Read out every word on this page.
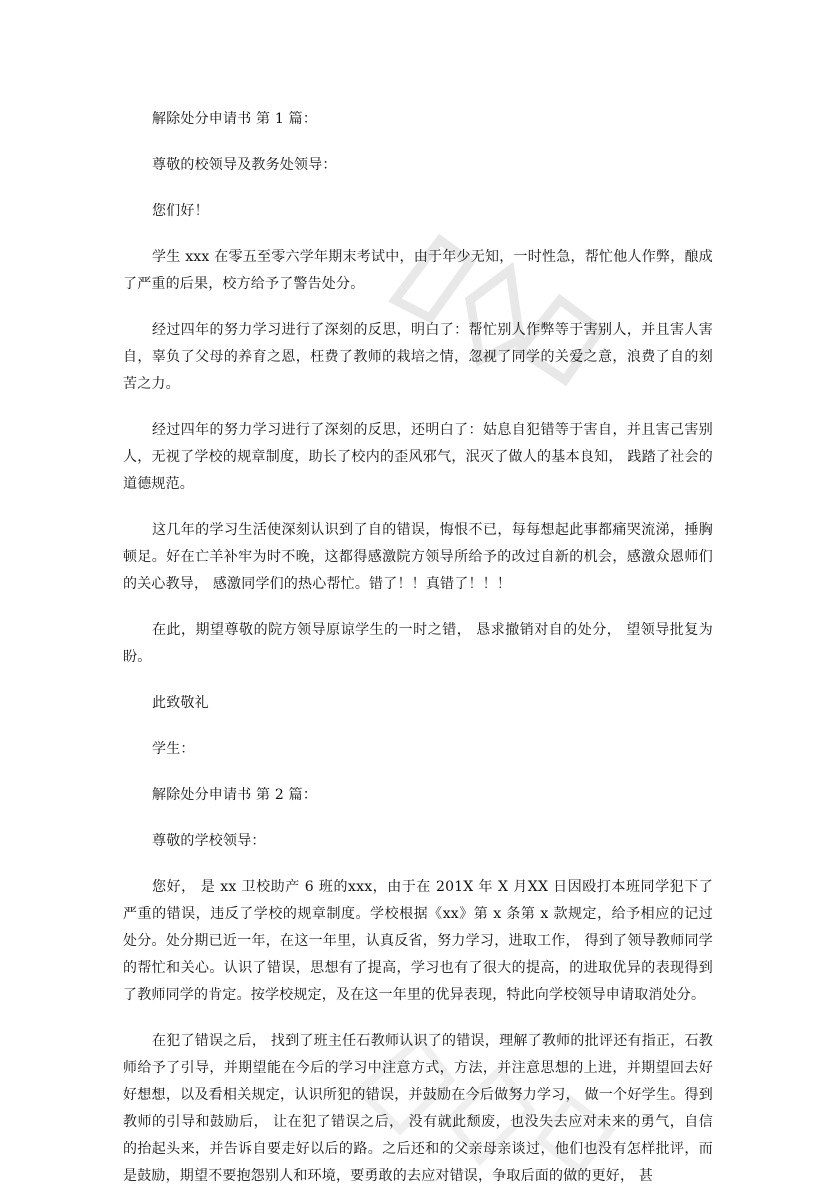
解除处分申请书 第 1 篇：

尊敬的校领导及教务处领导：

您们好！

学生 xxx 在零五至零六学年期末考试中，由于年少无知，一时性急，帮忙他人作弊，酿成了严重的后果，校方给予了警告处分。

经过四年的努力学习进行了深刻的反思，明白了：帮忙别人作弊等于害别人，并且害人害自，辜负了父母的养育之恩，枉费了教师的栽培之情，忽视了同学的关爱之意，浪费了自的刻苦之力。

经过四年的努力学习进行了深刻的反思，还明白了：姑息自犯错等于害自，并且害己害别人，无视了学校的规章制度，助长了校内的歪风邪气，泯灭了做人的基本良知， 践踏了社会的道德规范。

这几年的学习生活使深刻认识到了自的错误，悔恨不已，每每想起此事都痛哭流涕，捶胸顿足。好在亡羊补牢为时不晚，这都得感激院方领导所给予的改过自新的机会，感激众恩师们的关心教导， 感激同学们的热心帮忙。错了！！真错了！！！

在此，期望尊敬的院方领导原谅学生的一时之错， 恳求撤销对自的处分， 望领导批复为盼。

此致敬礼

学生：

解除处分申请书 第 2 篇：

尊敬的学校领导：

您好， 是 xx 卫校助产 6 班的xxx，由于在 201X 年 X 月XX 日因殴打本班同学犯下了严重的错误，违反了学校的规章制度。学校根据《xx》第 x 条第 x 款规定，给予相应的记过处分。处分期已近一年，在这一年里，认真反省，努力学习，进取工作， 得到了领导教师同学的帮忙和关心。认识了错误，思想有了提高，学习也有了很大的提高，的进取优异的表现得到了教师同学的肯定。按学校规定，及在这一年里的优异表现，特此向学校领导申请取消处分。

在犯了错误之后， 找到了班主任石教师认识了的错误，理解了教师的批评还有指正，石教师给予了引导，并期望能在今后的学习中注意方式，方法，并注意思想的上进，并期望回去好好想想，以及看相关规定，认识所犯的错误，并鼓励在今后做努力学习， 做一个好学生。得到教师的引导和鼓励后， 让在犯了错误之后， 没有就此颓废，也没失去应对未来的勇气，自信的抬起头来，并告诉自要走好以后的路。之后还和的父亲母亲谈过，他们也没有怎样批评，而是鼓励，期望不要抱怨别人和环境，要勇敢的去应对错误，争取后面的做的更好， 甚
